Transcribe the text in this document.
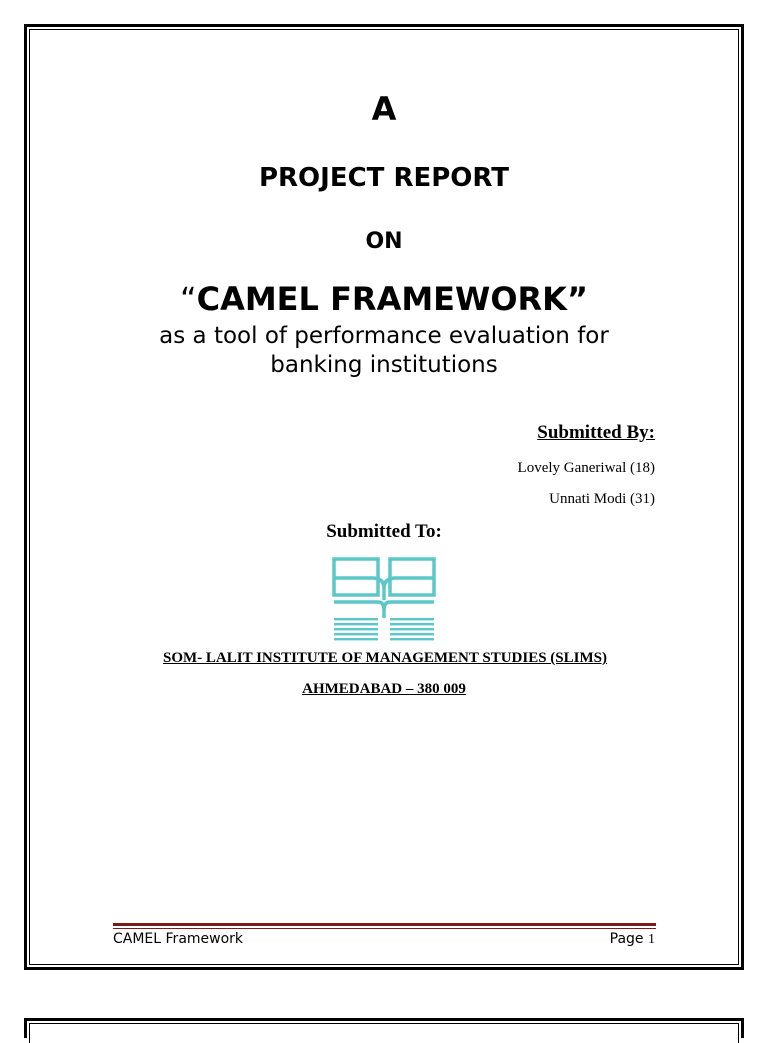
A
PROJECT REPORT
ON
“CAMEL FRAMEWORK”
as a tool of performance evaluation for
banking institutions
Submitted By:
Lovely Ganeriwal (18)
Unnati Modi (31)
Submitted To:
SOM- LALIT INSTITUTE OF MANAGEMENT STUDIES (SLIMS)
AHMEDABAD – 380 009
CAMEL Framework	Page 1
